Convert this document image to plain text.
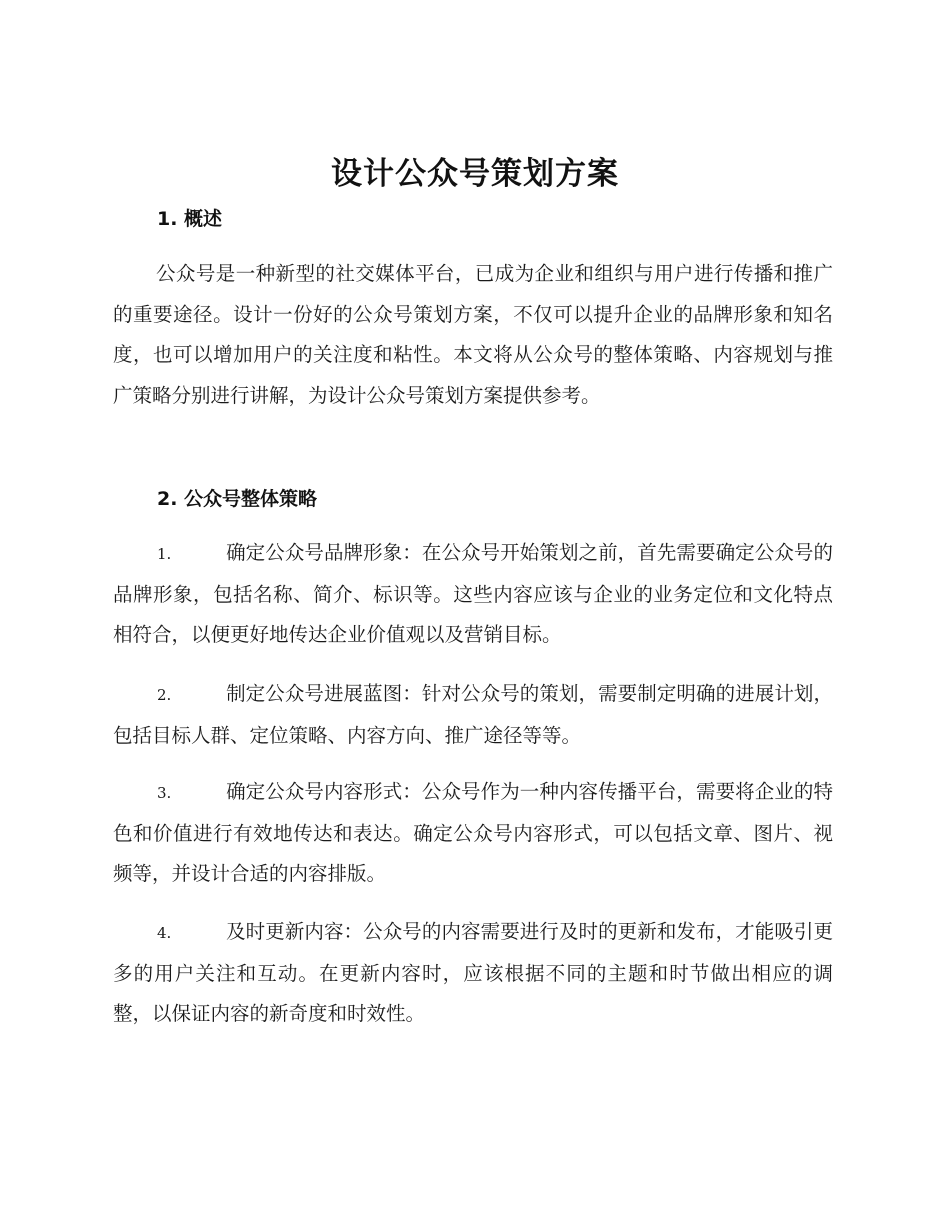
设计公众号策划方案
1. 概述

公众号是一种新型的社交媒体平台，已成为企业和组织与用户进行传播和推广的重要途径。设计一份好的公众号策划方案，不仅可以提升企业的品牌形象和知名度，也可以增加用户的关注度和粘性。本文将从公众号的整体策略、内容规划与推广策略分别进行讲解，为设计公众号策划方案提供参考。

2. 公众号整体策略

1.	确定公众号品牌形象：在公众号开始策划之前，首先需要确定公众号的品牌形象，包括名称、简介、标识等。这些内容应该与企业的业务定位和文化特点相符合，以便更好地传达企业价值观以及营销目标。

2.	制定公众号进展蓝图：针对公众号的策划，需要制定明确的进展计划，包括目标人群、定位策略、内容方向、推广途径等等。

3.	确定公众号内容形式：公众号作为一种内容传播平台，需要将企业的特色和价值进行有效地传达和表达。确定公众号内容形式，可以包括文章、图片、视频等，并设计合适的内容排版。

4.	及时更新内容：公众号的内容需要进行及时的更新和发布，才能吸引更多的用户关注和互动。在更新内容时，应该根据不同的主题和时节做出相应的调整，以保证内容的新奇度和时效性。
